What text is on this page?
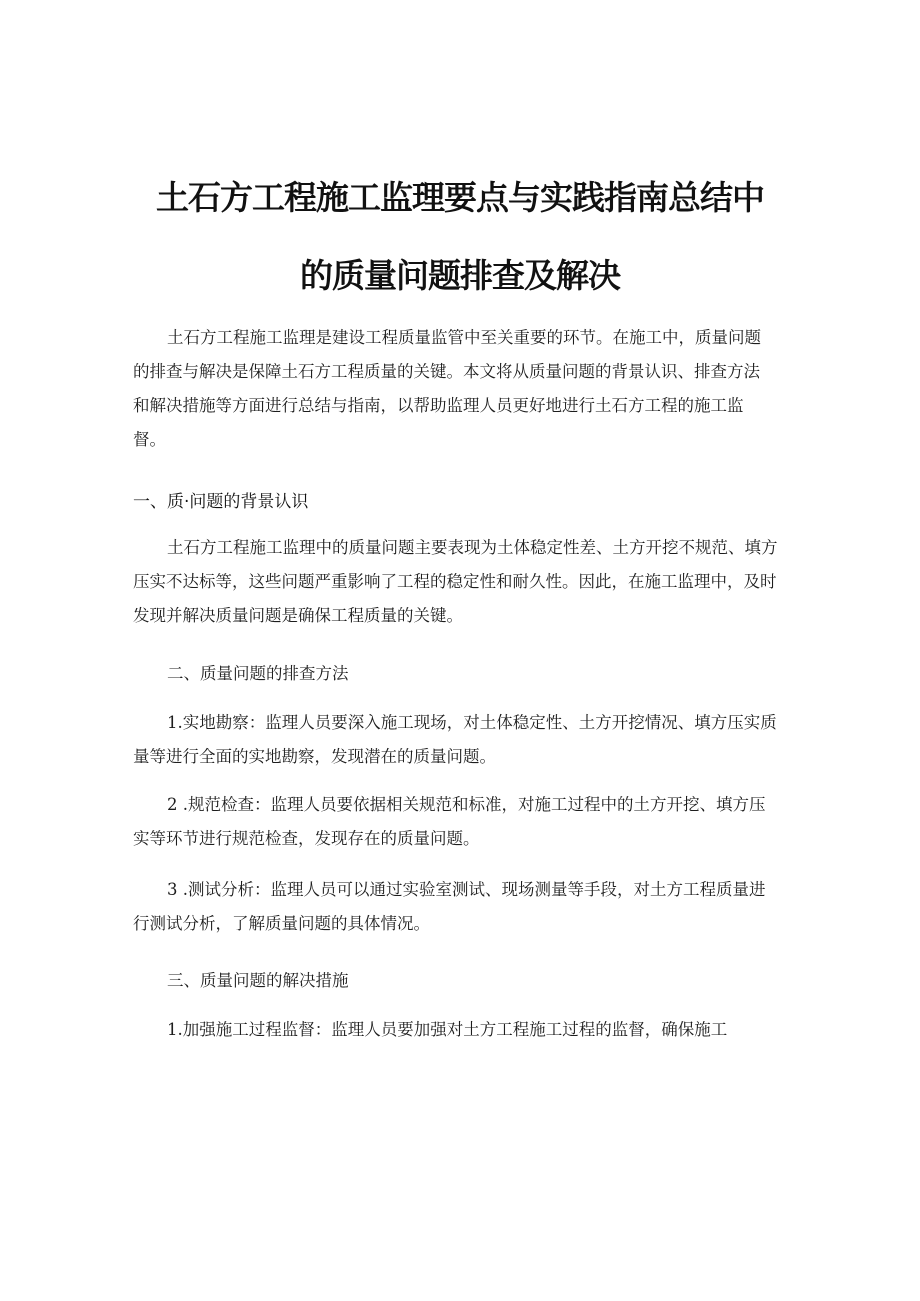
土石方工程施工监理要点与实践指南总结中
的质量问题排查及解决
土石方工程施工监理是建设工程质量监管中至关重要的环节。在施工中，质量问题
的排查与解决是保障土石方工程质量的关键。本文将从质量问题的背景认识、排查方法
和解决措施等方面进行总结与指南，以帮助监理人员更好地进行土石方工程的施工监
督。
一、质·问题的背景认识
土石方工程施工监理中的质量问题主要表现为土体稳定性差、土方开挖不规范、填方
压实不达标等，这些问题严重影响了工程的稳定性和耐久性。因此，在施工监理中，及时
发现并解决质量问题是确保工程质量的关键。
二、质量问题的排查方法
1.实地勘察：监理人员要深入施工现场，对土体稳定性、土方开挖情况、填方压实质
量等进行全面的实地勘察，发现潜在的质量问题。
2 .规范检查：监理人员要依据相关规范和标准，对施工过程中的土方开挖、填方压
实等环节进行规范检查，发现存在的质量问题。
3 .测试分析：监理人员可以通过实验室测试、现场测量等手段，对土方工程质量进
行测试分析，了解质量问题的具体情况。
三、质量问题的解决措施
1.加强施工过程监督：监理人员要加强对土方工程施工过程的监督，确保施工
